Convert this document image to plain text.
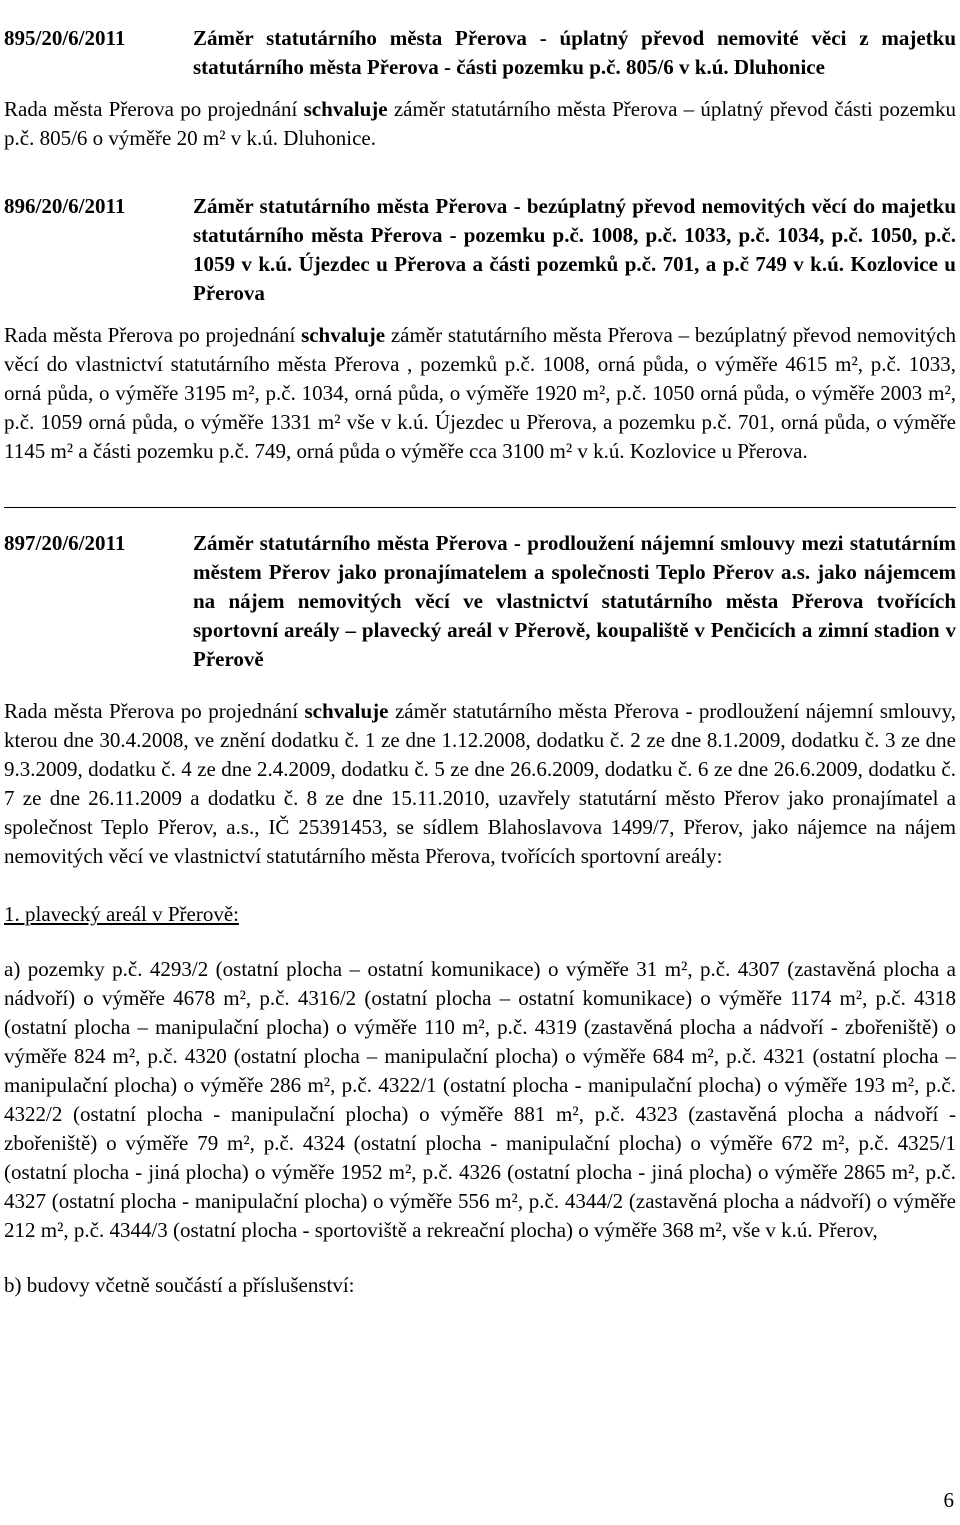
895/20/6/2011	Záměr statutárního města Přerova - úplatný převod nemovité věci z majetku statutárního města Přerova - části pozemku p.č. 805/6 v k.ú. Dluhonice

Rada města Přerova po projednání schvaluje záměr statutárního města Přerova – úplatný převod části pozemku p.č. 805/6 o výměře 20 m² v k.ú. Dluhonice.

896/20/6/2011	Záměr statutárního města Přerova - bezúplatný převod nemovitých věcí do majetku statutárního města Přerova - pozemku p.č. 1008, p.č. 1033, p.č. 1034, p.č. 1050, p.č. 1059 v k.ú. Újezdec u Přerova a části pozemků p.č. 701, a p.č 749 v k.ú. Kozlovice u Přerova

Rada města Přerova po projednání schvaluje záměr statutárního města Přerova – bezúplatný převod nemovitých věcí do vlastnictví statutárního města Přerova , pozemků p.č. 1008, orná půda, o výměře 4615 m², p.č. 1033, orná půda, o výměře 3195 m², p.č. 1034, orná půda, o výměře 1920 m², p.č. 1050 orná půda, o výměře 2003 m², p.č. 1059 orná půda, o výměře 1331 m² vše v k.ú. Újezdec u Přerova, a pozemku p.č. 701, orná půda, o výměře 1145 m² a části pozemku p.č. 749, orná půda o výměře cca 3100 m² v k.ú. Kozlovice u Přerova.

897/20/6/2011	Záměr statutárního města Přerova - prodloužení nájemní smlouvy mezi statutárním městem Přerov jako pronajímatelem a společnosti Teplo Přerov a.s. jako nájemcem na nájem nemovitých věcí ve vlastnictví statutárního města Přerova tvořících sportovní areály – plavecký areál v Přerově, koupaliště v Penčicích a zimní stadion v Přerově

Rada města Přerova po projednání schvaluje záměr statutárního města Přerova - prodloužení nájemní smlouvy, kterou dne 30.4.2008, ve znění dodatku č. 1 ze dne 1.12.2008, dodatku č. 2 ze dne 8.1.2009, dodatku č. 3 ze dne 9.3.2009, dodatku č. 4 ze dne 2.4.2009, dodatku č. 5 ze dne 26.6.2009, dodatku č. 6 ze dne 26.6.2009, dodatku č. 7 ze dne 26.11.2009 a dodatku č. 8 ze dne 15.11.2010, uzavřely statutární město Přerov jako pronajímatel a společnost Teplo Přerov, a.s., IČ 25391453, se sídlem Blahoslavova 1499/7, Přerov, jako nájemce na nájem nemovitých věcí ve vlastnictví statutárního města Přerova, tvořících sportovní areály:

1. plavecký areál v Přerově:

a) pozemky p.č. 4293/2 (ostatní plocha – ostatní komunikace) o výměře 31 m², p.č. 4307 (zastavěná plocha a nádvoří) o výměře 4678 m², p.č. 4316/2 (ostatní plocha – ostatní komunikace) o výměře 1174 m², p.č. 4318 (ostatní plocha – manipulační plocha) o výměře 110 m², p.č. 4319 (zastavěná plocha a nádvoří - zbořeniště) o výměře 824 m², p.č. 4320 (ostatní plocha – manipulační plocha) o výměře 684 m², p.č. 4321 (ostatní plocha – manipulační plocha) o výměře 286 m², p.č. 4322/1 (ostatní plocha - manipulační plocha) o výměře 193 m², p.č. 4322/2 (ostatní plocha - manipulační plocha) o výměře 881 m², p.č. 4323 (zastavěná plocha a nádvoří - zbořeniště) o výměře 79 m², p.č. 4324 (ostatní plocha - manipulační plocha) o výměře 672 m², p.č. 4325/1 (ostatní plocha - jiná plocha) o výměře 1952 m², p.č. 4326 (ostatní plocha - jiná plocha) o výměře 2865 m², p.č. 4327 (ostatní plocha - manipulační plocha) o výměře 556 m², p.č. 4344/2 (zastavěná plocha a nádvoří) o výměře 212 m², p.č. 4344/3 (ostatní plocha - sportoviště a rekreační plocha) o výměře 368 m², vše v k.ú. Přerov,

b) budovy včetně součástí a příslušenství:

6
